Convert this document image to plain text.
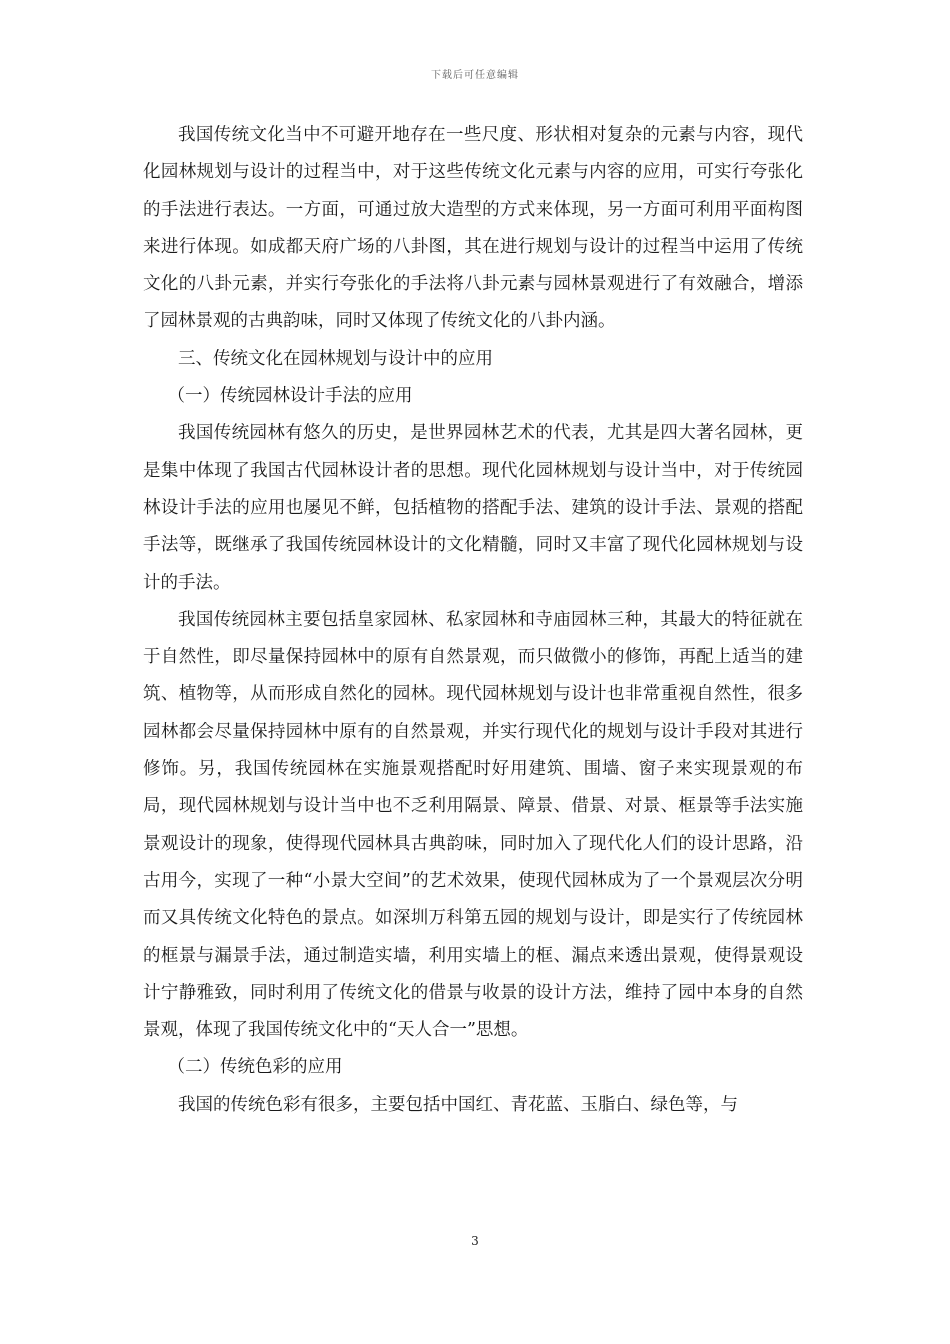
下载后可任意编辑

我国传统文化当中不可避开地存在一些尺度、形状相对复杂的元素与内容，现代化园林规划与设计的过程当中，对于这些传统文化元素与内容的应用，可实行夸张化的手法进行表达。一方面，可通过放大造型的方式来体现，另一方面可利用平面构图来进行体现。如成都天府广场的八卦图，其在进行规划与设计的过程当中运用了传统文化的八卦元素，并实行夸张化的手法将八卦元素与园林景观进行了有效融合，增添了园林景观的古典韵味，同时又体现了传统文化的八卦内涵。

三、传统文化在园林规划与设计中的应用

（一）传统园林设计手法的应用

我国传统园林有悠久的历史，是世界园林艺术的代表，尤其是四大著名园林，更是集中体现了我国古代园林设计者的思想。现代化园林规划与设计当中，对于传统园林设计手法的应用也屡见不鲜，包括植物的搭配手法、建筑的设计手法、景观的搭配手法等，既继承了我国传统园林设计的文化精髓，同时又丰富了现代化园林规划与设计的手法。

我国传统园林主要包括皇家园林、私家园林和寺庙园林三种，其最大的特征就在于自然性，即尽量保持园林中的原有自然景观，而只做微小的修饰，再配上适当的建筑、植物等，从而形成自然化的园林。现代园林规划与设计也非常重视自然性，很多园林都会尽量保持园林中原有的自然景观，并实行现代化的规划与设计手段对其进行修饰。另，我国传统园林在实施景观搭配时好用建筑、围墙、窗子来实现景观的布局，现代园林规划与设计当中也不乏利用隔景、障景、借景、对景、框景等手法实施景观设计的现象，使得现代园林具古典韵味，同时加入了现代化人们的设计思路，沿古用今，实现了一种“小景大空间”的艺术效果，使现代园林成为了一个景观层次分明而又具传统文化特色的景点。如深圳万科第五园的规划与设计，即是实行了传统园林的框景与漏景手法，通过制造实墙，利用实墙上的框、漏点来透出景观，使得景观设计宁静雅致，同时利用了传统文化的借景与收景的设计方法，维持了园中本身的自然景观，体现了我国传统文化中的“天人合一”思想。

（二）传统色彩的应用

我国的传统色彩有很多，主要包括中国红、青花蓝、玉脂白、绿色等，与

3
